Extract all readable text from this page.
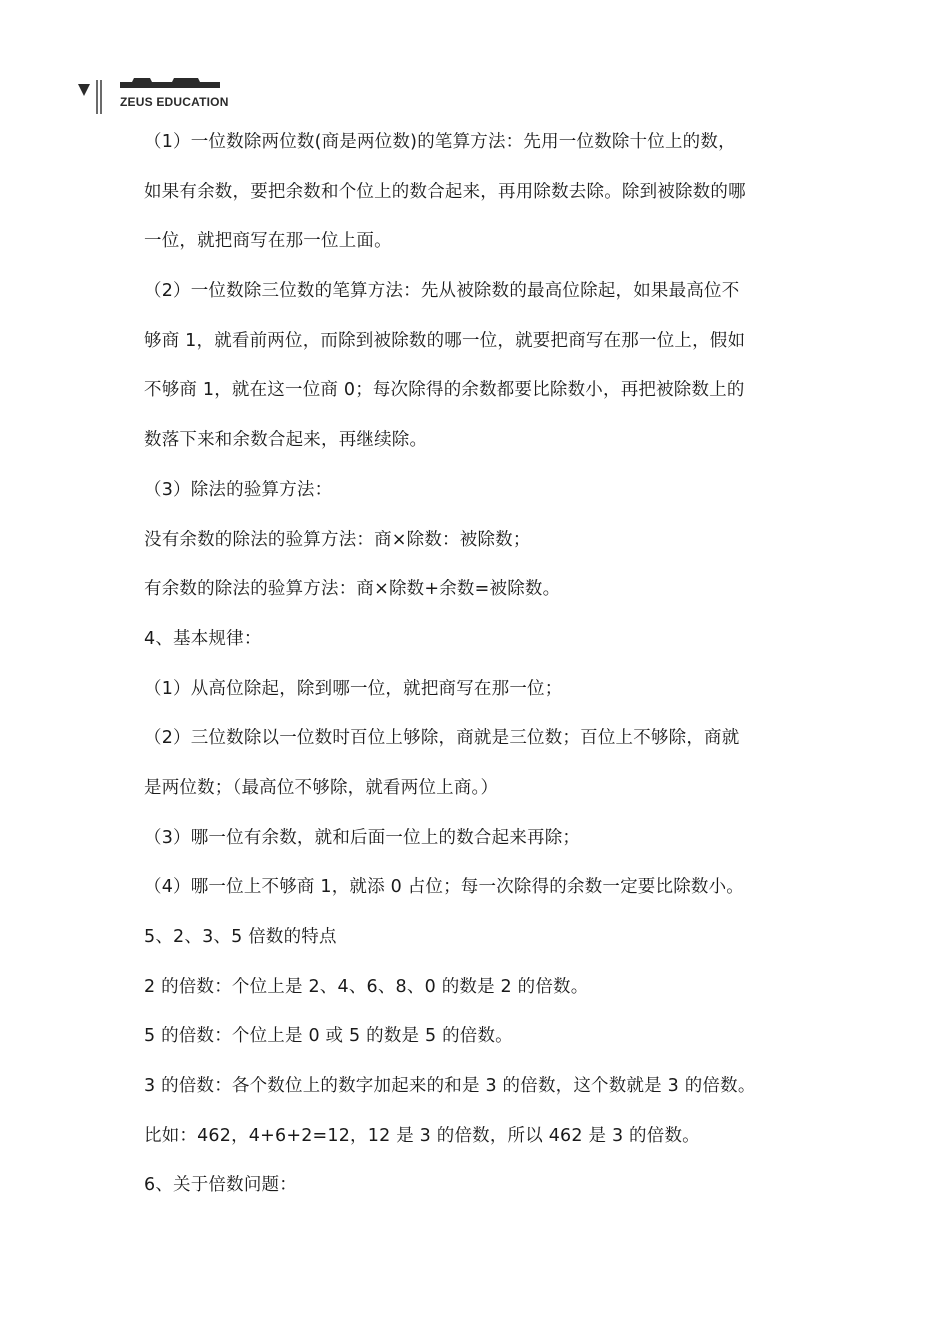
ZEUS EDUCATION
（1）一位数除两位数(商是两位数)的笔算方法：先用一位数除十位上的数，
如果有余数，要把余数和个位上的数合起来，再用除数去除。除到被除数的哪
一位，就把商写在那一位上面。
（2）一位数除三位数的笔算方法：先从被除数的最高位除起，如果最高位不
够商 1，就看前两位，而除到被除数的哪一位，就要把商写在那一位上，假如
不够商 1，就在这一位商 0；每次除得的余数都要比除数小，再把被除数上的
数落下来和余数合起来，再继续除。
（3）除法的验算方法：
没有余数的除法的验算方法：商×除数：被除数；
有余数的除法的验算方法：商×除数+余数=被除数。
4、基本规律：
（1）从高位除起，除到哪一位，就把商写在那一位；
（2）三位数除以一位数时百位上够除，商就是三位数；百位上不够除，商就
是两位数；（最高位不够除，就看两位上商。）
（3）哪一位有余数，就和后面一位上的数合起来再除；
（4）哪一位上不够商 1，就添 0 占位；每一次除得的余数一定要比除数小。
5、2、3、5 倍数的特点
2 的倍数：个位上是 2、4、6、8、0 的数是 2 的倍数。
5 的倍数：个位上是 0 或 5 的数是 5 的倍数。
3 的倍数：各个数位上的数字加起来的和是 3 的倍数，这个数就是 3 的倍数。
比如：462，4+6+2=12，12 是 3 的倍数，所以 462 是 3 的倍数。
6、关于倍数问题：
